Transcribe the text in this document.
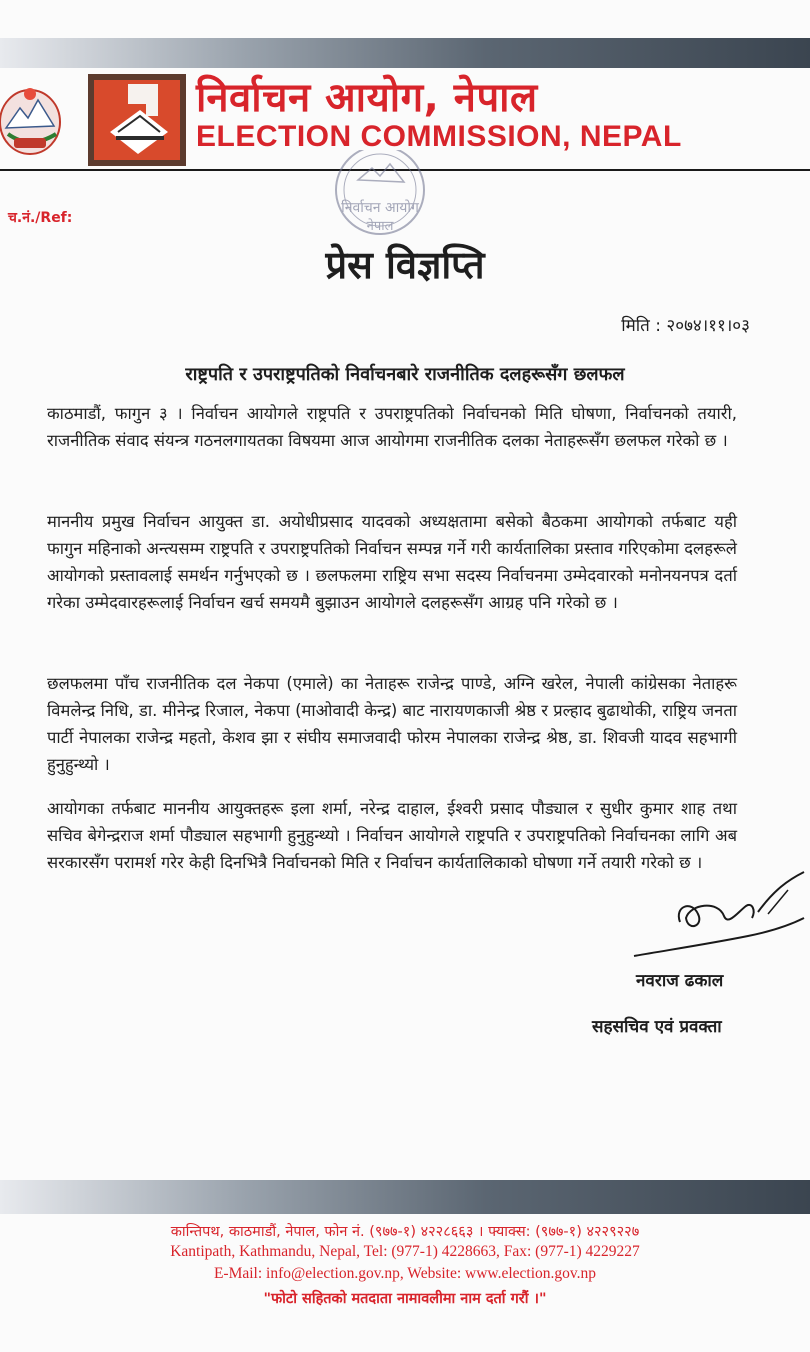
निर्वाचन आयोग, नेपाल
ELECTION COMMISSION, NEPAL
निर्वाचन आयोग
नेपाल
च.नं./Ref:
प्रेस विज्ञप्ति
मिति : २०७४।११।०३
राष्ट्रपति र उपराष्ट्रपतिको निर्वाचनबारे राजनीतिक दलहरूसँग छलफल

काठमाडौं, फागुन ३ । निर्वाचन आयोगले राष्ट्रपति र उपराष्ट्रपतिको निर्वाचनको मिति घोषणा, निर्वाचनको तयारी, राजनीतिक संवाद संयन्त्र गठनलगायतका विषयमा आज आयोगमा राजनीतिक दलका नेताहरूसँग छलफल गरेको छ ।

माननीय प्रमुख निर्वाचन आयुक्त डा. अयोधीप्रसाद यादवको अध्यक्षतामा बसेको बैठकमा आयोगको तर्फबाट यही फागुन महिनाको अन्त्यसम्म राष्ट्रपति र उपराष्ट्रपतिको निर्वाचन सम्पन्न गर्ने गरी कार्यतालिका प्रस्ताव गरिएकोमा दलहरूले आयोगको प्रस्तावलाई समर्थन गर्नुभएको छ । छलफलमा राष्ट्रिय सभा सदस्य निर्वाचनमा उम्मेदवारको मनोनयनपत्र दर्ता गरेका उम्मेदवारहरूलाई निर्वाचन खर्च समयमै बुझाउन आयोगले दलहरूसँग आग्रह पनि गरेको छ ।

छलफलमा पाँच राजनीतिक दल नेकपा (एमाले) का नेताहरू राजेन्द्र पाण्डे, अग्नि खरेल, नेपाली कांग्रेसका नेताहरू विमलेन्द्र निधि, डा. मीनेन्द्र रिजाल, नेकपा (माओवादी केन्द्र) बाट नारायणकाजी श्रेष्ठ र प्रल्हाद बुढाथोकी, राष्ट्रिय जनता पार्टी नेपालका राजेन्द्र महतो, केशव झा र संघीय समाजवादी फोरम नेपालका राजेन्द्र श्रेष्ठ, डा. शिवजी यादव सहभागी हुनुहुन्थ्यो ।

आयोगका तर्फबाट माननीय आयुक्तहरू इला शर्मा, नरेन्द्र दाहाल, ईश्वरी प्रसाद पौड्याल र सुधीर कुमार शाह तथा सचिव बेगेन्द्रराज शर्मा पौड्याल सहभागी हुनुहुन्थ्यो । निर्वाचन आयोगले राष्ट्रपति र उपराष्ट्रपतिको निर्वाचनका लागि अब सरकारसँग परामर्श गरेर केही दिनभित्रै निर्वाचनको मिति र निर्वाचन कार्यतालिकाको घोषणा गर्ने तयारी गरेको छ ।

नवराज ढकाल
सहसचिव एवं प्रवक्ता
कान्तिपथ, काठमाडौं, नेपाल, फोन नं. (९७७-१) ४२२८६६३ । फ्याक्स: (९७७-१) ४२२९२२७
Kantipath, Kathmandu, Nepal, Tel: (977-1) 4228663, Fax: (977-1) 4229227
E-Mail: info@election.gov.np, Website: www.election.gov.np
"फोटो सहितको मतदाता नामावलीमा नाम दर्ता गरौं ।"
